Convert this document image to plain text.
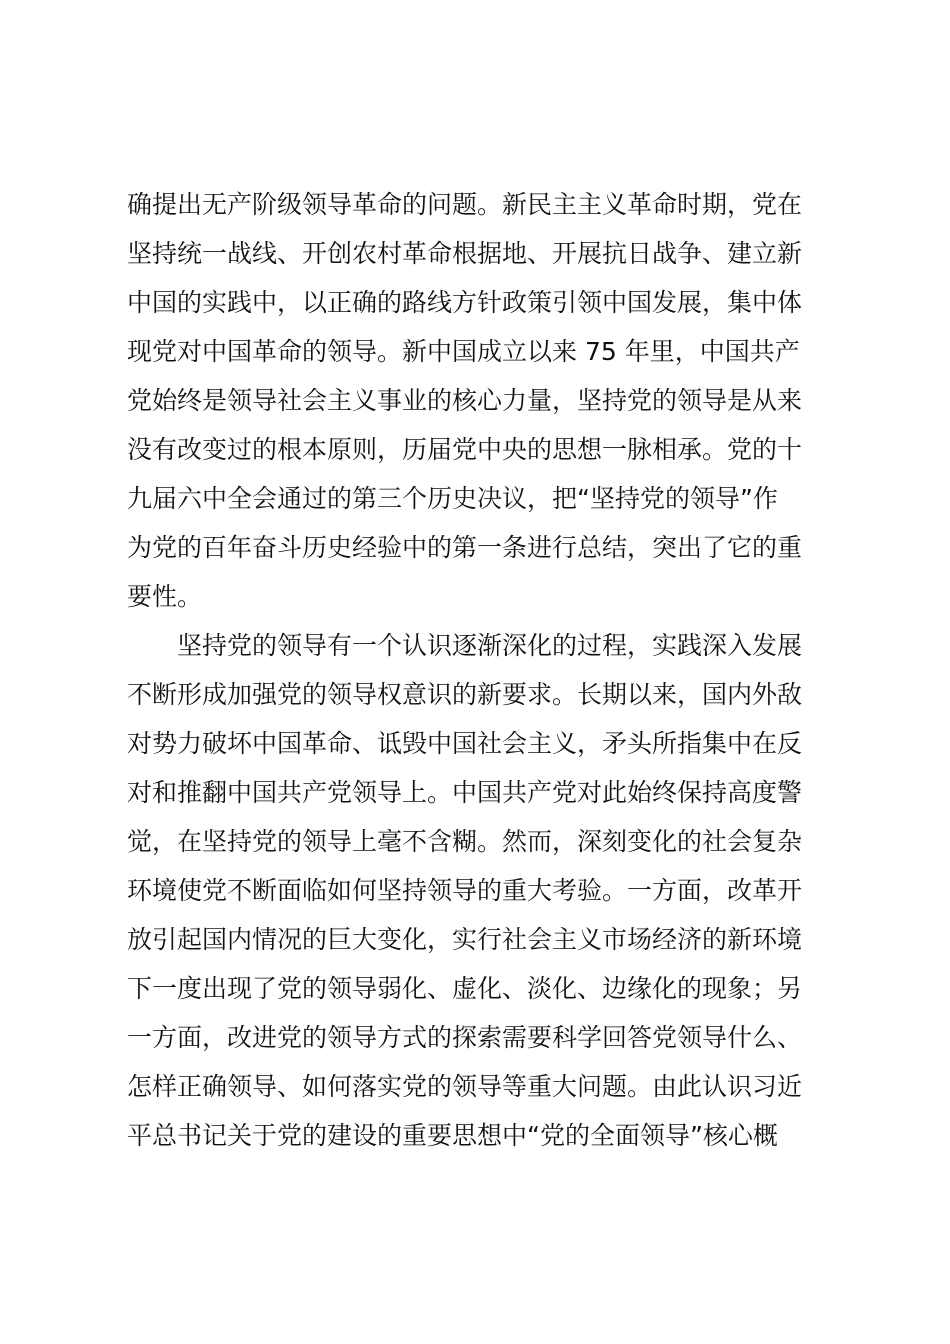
确提出无产阶级领导革命的问题。新民主主义革命时期，党在
坚持统一战线、开创农村革命根据地、开展抗日战争、建立新
中国的实践中，以正确的路线方针政策引领中国发展，集中体
现党对中国革命的领导。新中国成立以来 75 年里，中国共产
党始终是领导社会主义事业的核心力量，坚持党的领导是从来
没有改变过的根本原则，历届党中央的思想一脉相承。党的十
九届六中全会通过的第三个历史决议，把“坚持党的领导”作
为党的百年奋斗历史经验中的第一条进行总结，突出了它的重
要性。
坚持党的领导有一个认识逐渐深化的过程，实践深入发展
不断形成加强党的领导权意识的新要求。长期以来，国内外敌
对势力破坏中国革命、诋毁中国社会主义，矛头所指集中在反
对和推翻中国共产党领导上。中国共产党对此始终保持高度警
觉，在坚持党的领导上毫不含糊。然而，深刻变化的社会复杂
环境使党不断面临如何坚持领导的重大考验。一方面，改革开
放引起国内情况的巨大变化，实行社会主义市场经济的新环境
下一度出现了党的领导弱化、虚化、淡化、边缘化的现象；另
一方面，改进党的领导方式的探索需要科学回答党领导什么、
怎样正确领导、如何落实党的领导等重大问题。由此认识习近
平总书记关于党的建设的重要思想中“党的全面领导”核心概
